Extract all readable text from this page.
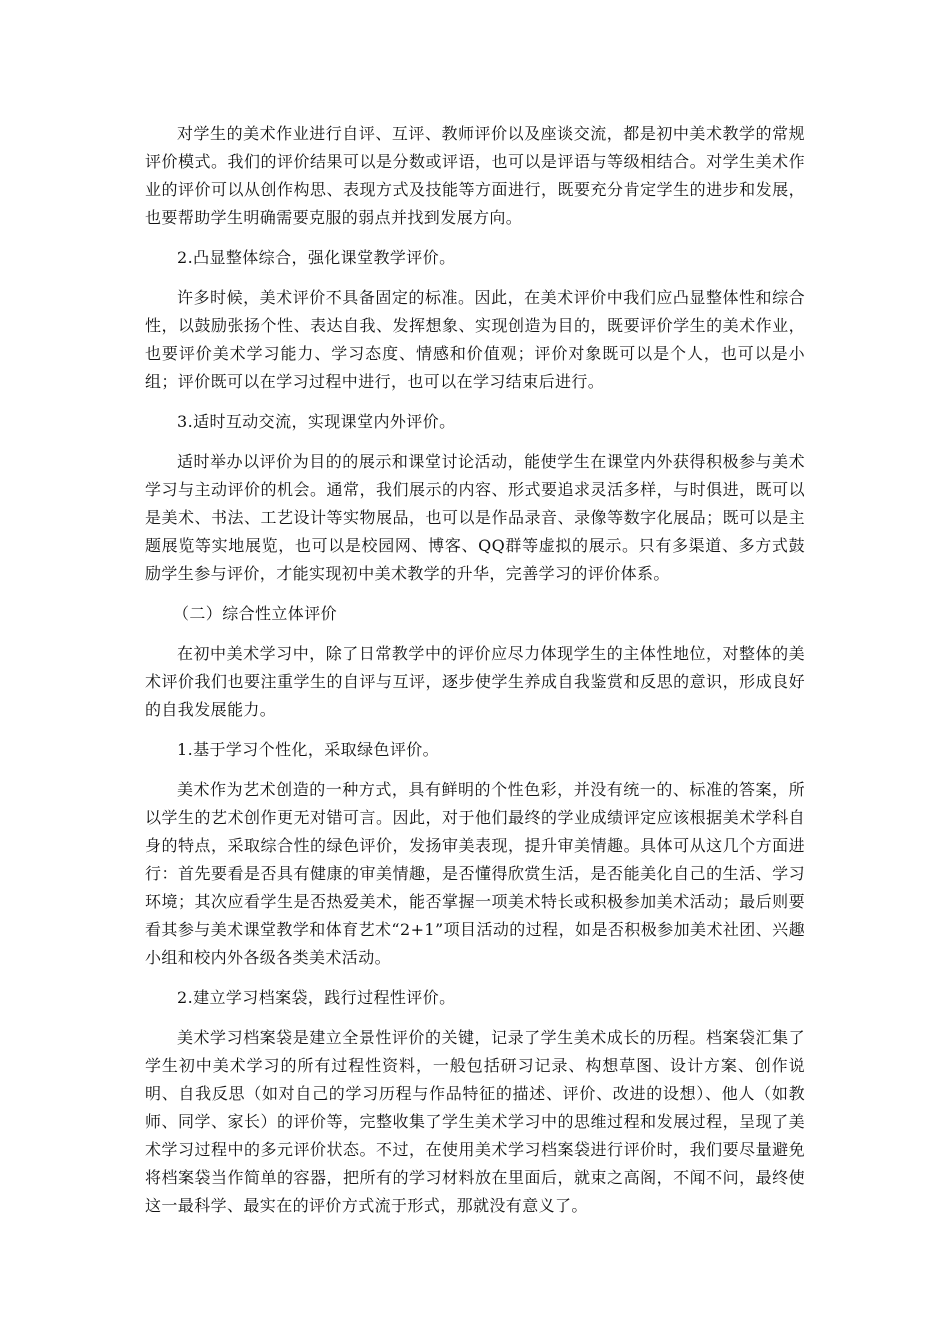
对学生的美术作业进行自评、互评、教师评价以及座谈交流，都是初中美术教学的常规评价模式。我们的评价结果可以是分数或评语，也可以是评语与等级相结合。对学生美术作业的评价可以从创作构思、表现方式及技能等方面进行，既要充分肯定学生的进步和发展，也要帮助学生明确需要克服的弱点并找到发展方向。

2.凸显整体综合，强化课堂教学评价。

许多时候，美术评价不具备固定的标准。因此，在美术评价中我们应凸显整体性和综合性，以鼓励张扬个性、表达自我、发挥想象、实现创造为目的，既要评价学生的美术作业，也要评价美术学习能力、学习态度、情感和价值观；评价对象既可以是个人，也可以是小组；评价既可以在学习过程中进行，也可以在学习结束后进行。

3.适时互动交流，实现课堂内外评价。

适时举办以评价为目的的展示和课堂讨论活动，能使学生在课堂内外获得积极参与美术学习与主动评价的机会。通常，我们展示的内容、形式要追求灵活多样，与时俱进，既可以是美术、书法、工艺设计等实物展品，也可以是作品录音、录像等数字化展品；既可以是主题展览等实地展览，也可以是校园网、博客、QQ群等虚拟的展示。只有多渠道、多方式鼓励学生参与评价，才能实现初中美术教学的升华，完善学习的评价体系。

（二）综合性立体评价

在初中美术学习中，除了日常教学中的评价应尽力体现学生的主体性地位，对整体的美术评价我们也要注重学生的自评与互评，逐步使学生养成自我鉴赏和反思的意识，形成良好的自我发展能力。

1.基于学习个性化，采取绿色评价。

美术作为艺术创造的一种方式，具有鲜明的个性色彩，并没有统一的、标准的答案，所以学生的艺术创作更无对错可言。因此，对于他们最终的学业成绩评定应该根据美术学科自身的特点，采取综合性的绿色评价，发扬审美表现，提升审美情趣。具体可从这几个方面进行：首先要看是否具有健康的审美情趣，是否懂得欣赏生活，是否能美化自己的生活、学习环境；其次应看学生是否热爱美术，能否掌握一项美术特长或积极参加美术活动；最后则要看其参与美术课堂教学和体育艺术“2+1”项目活动的过程，如是否积极参加美术社团、兴趣小组和校内外各级各类美术活动。

2.建立学习档案袋，践行过程性评价。

美术学习档案袋是建立全景性评价的关键，记录了学生美术成长的历程。档案袋汇集了学生初中美术学习的所有过程性资料，一般包括研习记录、构想草图、设计方案、创作说明、自我反思（如对自己的学习历程与作品特征的描述、评价、改进的设想）、他人（如教师、同学、家长）的评价等，完整收集了学生美术学习中的思维过程和发展过程，呈现了美术学习过程中的多元评价状态。不过，在使用美术学习档案袋进行评价时，我们要尽量避免将档案袋当作简单的容器，把所有的学习材料放在里面后，就束之高阁，不闻不问，最终使这一最科学、最实在的评价方式流于形式，那就没有意义了。
